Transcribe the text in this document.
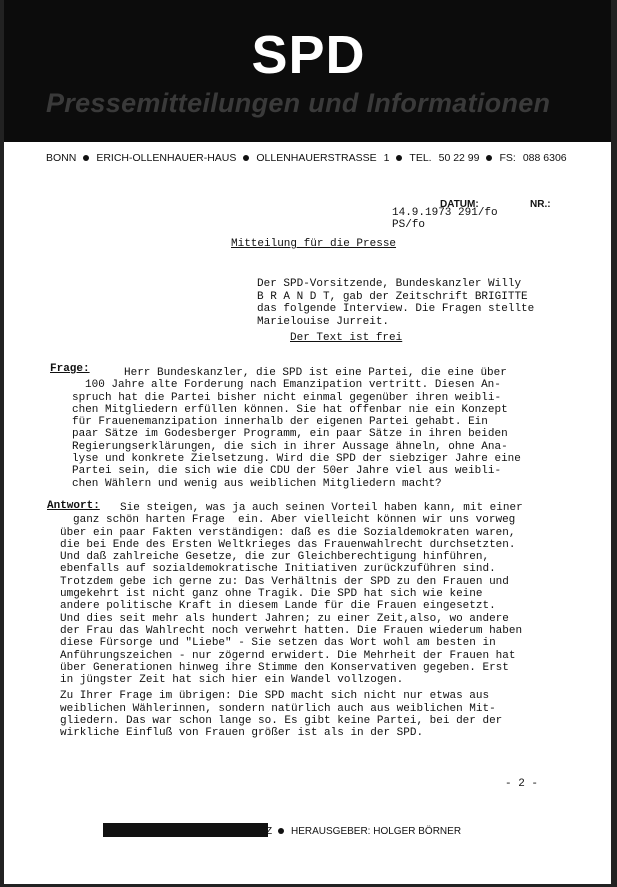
SPD
Pressemitteilungen und Informationen
BONN ERICH-OLLENHAUER-HAUS OLLENHAUERSTRASSE 1 TEL. 50 22 99 FS: 088 6306
DATUM:	NR.:
14.9.1973 291/fo
PS/fo
Mitteilung für die Presse
Der SPD-Vorsitzende, Bundeskanzler Willy
B R A N D T, gab der Zeitschrift BRIGITTE
das folgende Interview. Die Fragen stellte
Marielouise Jurreit.
Der Text ist frei
Frage:	Herr Bundeskanzler, die SPD ist eine Partei, die eine über
100 Jahre alte Forderung nach Emanzipation vertritt. Diesen An-
spruch hat die Partei bisher nicht einmal gegenüber ihren weibli-
chen Mitgliedern erfüllen können. Sie hat offenbar nie ein Konzept
für Frauenemanzipation innerhalb der eigenen Partei gehabt. Ein
paar Sätze im Godesberger Programm, ein paar Sätze in ihren beiden
Regierungserklärungen, die sich in ihrer Aussage ähneln, ohne Ana-
lyse und konkrete Zielsetzung. Wird die SPD der siebziger Jahre eine
Partei sein, die sich wie die CDU der 50er Jahre viel aus weibli-
chen Wählern und wenig aus weiblichen Mitgliedern macht?
Antwort:	Sie steigen, was ja auch seinen Vorteil haben kann, mit einer
ganz schön harten Frage  ein. Aber vielleicht können wir uns vorweg
über ein paar Fakten verständigen: daß es die Sozialdemokraten waren,
die bei Ende des Ersten Weltkrieges das Frauenwahlrecht durchsetzten.
Und daß zahlreiche Gesetze, die zur Gleichberechtigung hinführen,
ebenfalls auf sozialdemokratische Initiativen zurückzuführen sind.
Trotzdem gebe ich gerne zu: Das Verhältnis der SPD zu den Frauen und
umgekehrt ist nicht ganz ohne Tragik. Die SPD hat sich wie keine
andere politische Kraft in diesem Lande für die Frauen eingesetzt.
Und dies seit mehr als hundert Jahren; zu einer Zeit,also, wo andere
der Frau das Wahlrecht noch verwehrt hatten. Die Frauen wiederum haben
diese Fürsorge und "Liebe" - Sie setzen das Wort wohl am besten in
Anführungszeichen - nur zögernd erwidert. Die Mehrheit der Frauen hat
über Generationen hinweg ihre Stimme den Konservativen gegeben. Erst
in jüngster Zeit hat sich hier ein Wandel vollzogen.
Zu Ihrer Frage im übrigen: Die SPD macht sich nicht nur etwas aus
weiblichen Wählerinnen, sondern natürlich auch aus weiblichen Mit-
gliedern. Das war schon lange so. Es gibt keine Partei, bei der der
wirkliche Einfluß von Frauen größer ist als in der SPD.
- 2 -
Z	HERAUSGEBER: HOLGER BÖRNER
